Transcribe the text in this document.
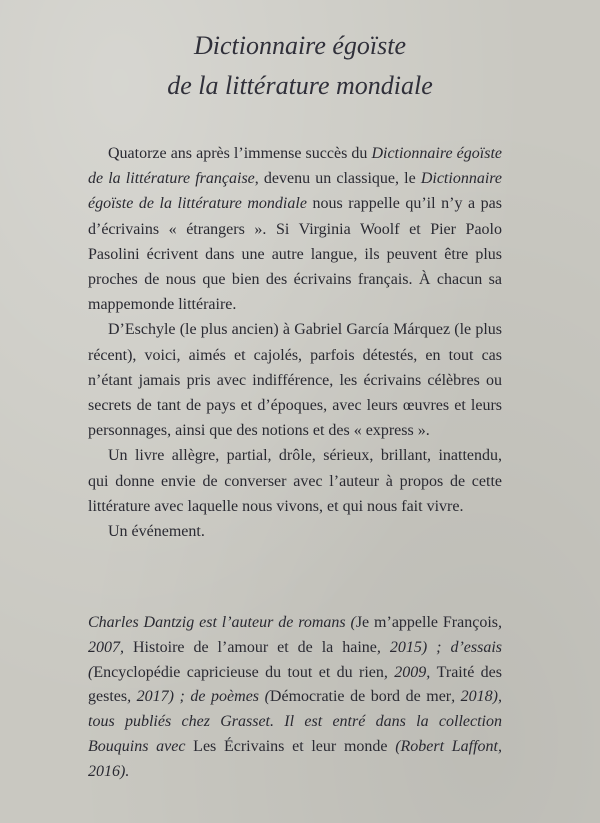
Dictionnaire égoïste
de la littérature mondiale

Quatorze ans après l’immense succès du Dictionnaire égoïste de la littérature française, devenu un classique, le Dictionnaire égoïste de la littérature mondiale nous rappelle qu’il n’y a pas d’écrivains « étrangers ». Si Virginia Woolf et Pier Paolo Pasolini écrivent dans une autre langue, ils peuvent être plus proches de nous que bien des écrivains français. À chacun sa mappemonde littéraire.

D’Eschyle (le plus ancien) à Gabriel García Márquez (le plus récent), voici, aimés et cajolés, parfois détestés, en tout cas n’étant jamais pris avec indifférence, les écrivains célèbres ou secrets de tant de pays et d’époques, avec leurs œuvres et leurs personnages, ainsi que des notions et des « express ».

Un livre allègre, partial, drôle, sérieux, brillant, inattendu, qui donne envie de converser avec l’auteur à propos de cette littérature avec laquelle nous vivons, et qui nous fait vivre.

Un événement.

Charles Dantzig est l’auteur de romans (Je m’appelle François, 2007, Histoire de l’amour et de la haine, 2015) ; d’essais (Encyclopédie capricieuse du tout et du rien, 2009, Traité des gestes, 2017) ; de poèmes (Démocratie de bord de mer, 2018), tous publiés chez Grasset. Il est entré dans la collection Bouquins avec Les Écrivains et leur monde (Robert Laffont, 2016).
